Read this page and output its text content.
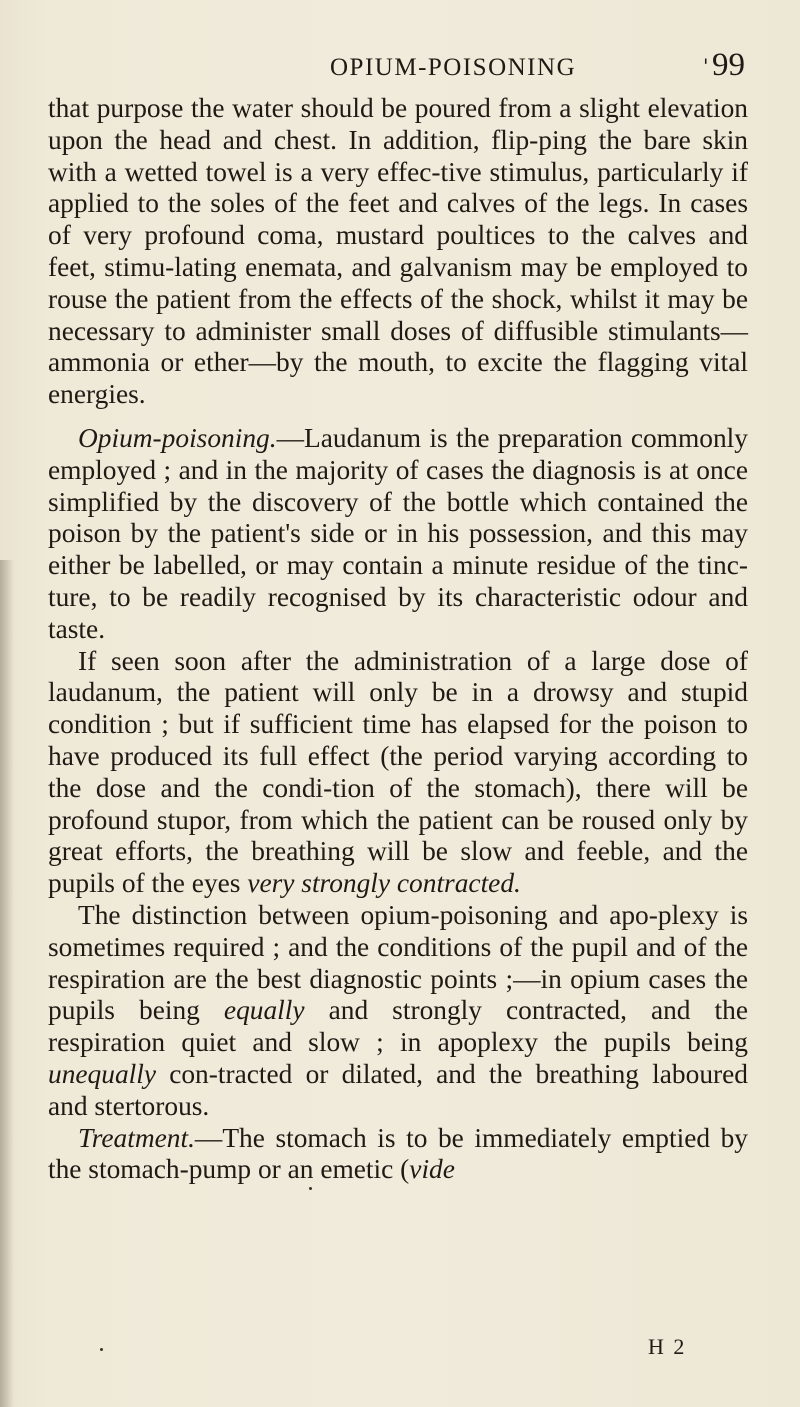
OPIUM-POISONING	' 99

that purpose the water should be poured from a slight elevation upon the head and chest. In addition, flip-ping the bare skin with a wetted towel is a very effec-tive stimulus, particularly if applied to the soles of the feet and calves of the legs. In cases of very profound coma, mustard poultices to the calves and feet, stimu-lating enemata, and galvanism may be employed to rouse the patient from the effects of the shock, whilst it may be necessary to administer small doses of diffusible stimulants—ammonia or ether—by the mouth, to excite the flagging vital energies.

Opium-poisoning.—Laudanum is the preparation commonly employed ; and in the majority of cases the diagnosis is at once simplified by the discovery of the bottle which contained the poison by the patient's side or in his possession, and this may either be labelled, or may contain a minute residue of the tinc-ture, to be readily recognised by its characteristic odour and taste.

If seen soon after the administration of a large dose of laudanum, the patient will only be in a drowsy and stupid condition ; but if sufficient time has elapsed for the poison to have produced its full effect (the period varying according to the dose and the condi-tion of the stomach), there will be profound stupor, from which the patient can be roused only by great efforts, the breathing will be slow and feeble, and the pupils of the eyes very strongly contracted.

The distinction between opium-poisoning and apo-plexy is sometimes required ; and the conditions of the pupil and of the respiration are the best diagnostic points ;—in opium cases the pupils being equally and strongly contracted, and the respiration quiet and slow ; in apoplexy the pupils being unequally con-tracted or dilated, and the breathing laboured and stertorous.

Treatment.—The stomach is to be immediately emptied by the stomach-pump or an emetic (vide

H 2
